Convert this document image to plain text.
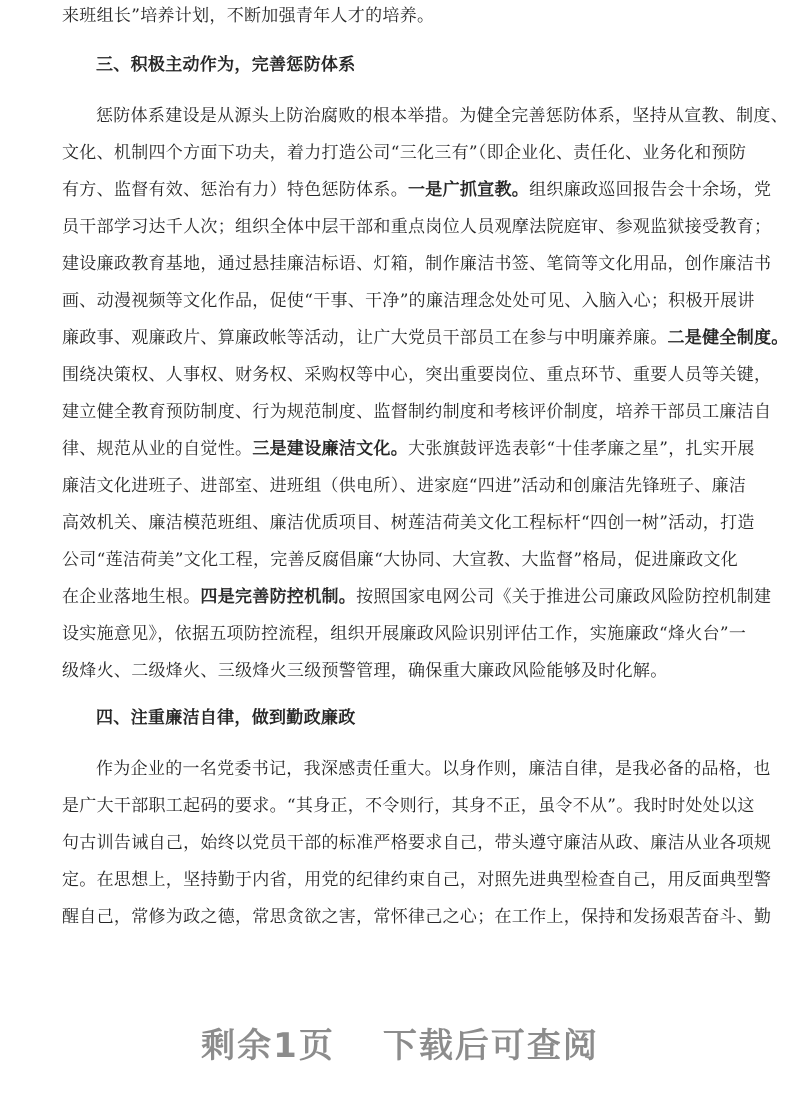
来班组长”培养计划，不断加强青年人才的培养。
三、积极主动作为，完善惩防体系
惩防体系建设是从源头上防治腐败的根本举措。为健全完善惩防体系，坚持从宣教、制度、
文化、机制四个方面下功夫，着力打造公司“三化三有”（即企业化、责任化、业务化和预防
有方、监督有效、惩治有力）特色惩防体系。一是广抓宣教。组织廉政巡回报告会十余场，党
员干部学习达千人次；组织全体中层干部和重点岗位人员观摩法院庭审、参观监狱接受教育；
建设廉政教育基地，通过悬挂廉洁标语、灯箱，制作廉洁书签、笔筒等文化用品，创作廉洁书
画、动漫视频等文化作品，促使“干事、干净”的廉洁理念处处可见、入脑入心；积极开展讲
廉政事、观廉政片、算廉政帐等活动，让广大党员干部员工在参与中明廉养廉。二是健全制度。
围绕决策权、人事权、财务权、采购权等中心，突出重要岗位、重点环节、重要人员等关键，
建立健全教育预防制度、行为规范制度、监督制约制度和考核评价制度，培养干部员工廉洁自
律、规范从业的自觉性。三是建设廉洁文化。大张旗鼓评选表彰“十佳孝廉之星”，扎实开展
廉洁文化进班子、进部室、进班组（供电所）、进家庭“四进”活动和创廉洁先锋班子、廉洁
高效机关、廉洁模范班组、廉洁优质项目、树莲洁荷美文化工程标杆“四创一树”活动，打造
公司“莲洁荷美”文化工程，完善反腐倡廉“大协同、大宣教、大监督”格局，促进廉政文化
在企业落地生根。四是完善防控机制。按照国家电网公司《关于推进公司廉政风险防控机制建
设实施意见》，依据五项防控流程，组织开展廉政风险识别评估工作，实施廉政“烽火台”一
级烽火、二级烽火、三级烽火三级预警管理，确保重大廉政风险能够及时化解。
四、注重廉洁自律，做到勤政廉政
作为企业的一名党委书记，我深感责任重大。以身作则，廉洁自律，是我必备的品格，也
是广大干部职工起码的要求。“其身正，不令则行，其身不正，虽令不从”。我时时处处以这
句古训告诫自己，始终以党员干部的标准严格要求自己，带头遵守廉洁从政、廉洁从业各项规
定。在思想上，坚持勤于内省，用党的纪律约束自己，对照先进典型检查自己，用反面典型警
醒自己，常修为政之德，常思贪欲之害，常怀律己之心；在工作上，保持和发扬艰苦奋斗、勤
剩余1页 下载后可查阅
